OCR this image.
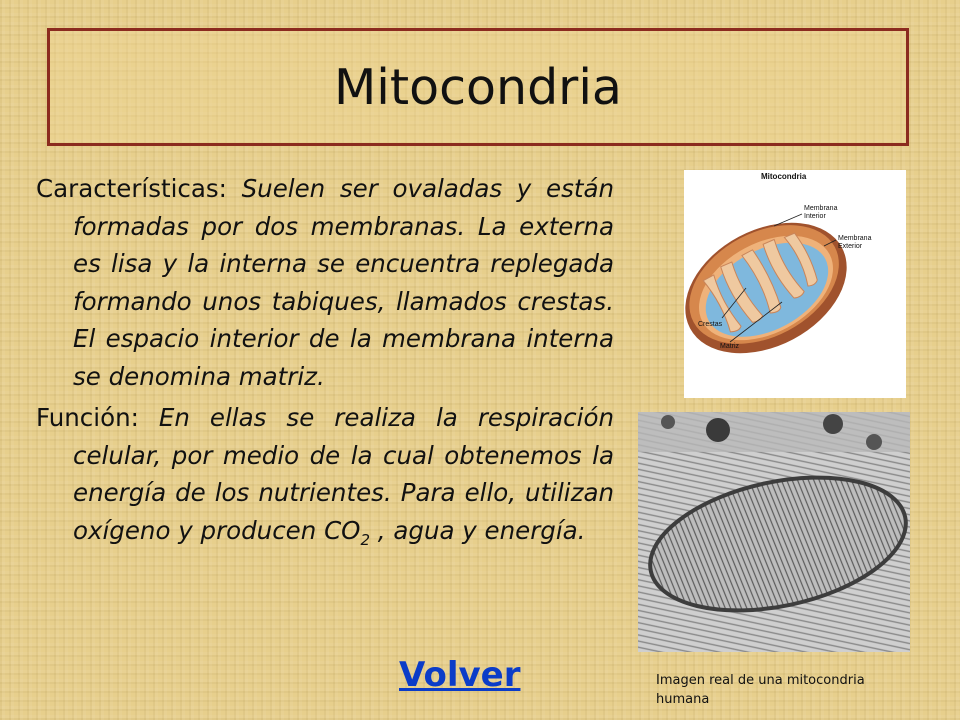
Mitocondria

Características: Suelen ser ovaladas y están formadas por dos membranas. La externa es lisa y la interna se encuentra replegada formando unos tabiques, llamados crestas. El espacio interior de la membrana interna se denomina matriz.

Función: En ellas se realiza la respiración celular, por medio de la cual obtenemos la energía de los nutrientes. Para ello, utilizan oxígeno y producen $CO_2$ , agua y energía.

Volver
Mitocondria
Membrana
Interior
Membrana
Exterior
Crestas
Matriz
Imagen real de una mitocondria humana
